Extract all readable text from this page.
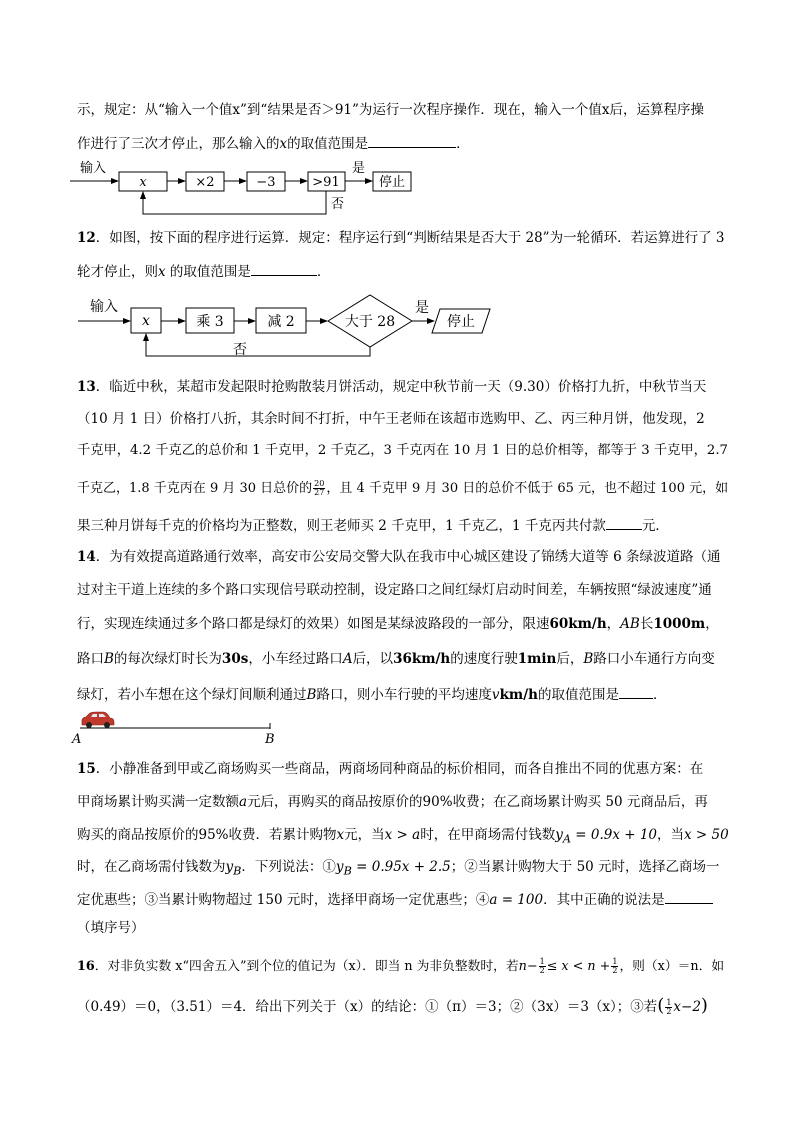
示，规定：从“输入一个值x”到“结果是否＞91”为运行一次程序操作．现在，输入一个值x后，运算程序操
作进行了三次才停止，那么输入的x的取值范围是	．
输入
x	×2	−3	>91
是
停止
否
12．如图，按下面的程序进行运算．规定：程序运行到“判断结果是否大于 28”为一轮循环．若运算进行了 3
轮才停止，则x 的取值范围是	．
输入
x	乘 3	减 2	大于 28
是
停止
否
13．临近中秋，某超市发起限时抢购散装月饼活动，规定中秋节前一天（9.30）价格打九折，中秋节当天
（10 月 1 日）价格打八折，其余时间不打折，中午王老师在该超市选购甲、乙、丙三种月饼，他发现，2
千克甲，4.2 千克乙的总价和 1 千克甲，2 千克乙，3 千克丙在 10 月 1 日的总价相等，都等于 3 千克甲，2.7
千克乙，1.8 千克丙在 9 月 30 日总价的 $\frac{20}{27}$ ，且 4 千克甲 9 月 30 日的总价不低于 65 元，也不超过 100 元，如
果三种月饼每千克的价格均为正整数，则王老师买 2 千克甲，1 千克乙，1 千克丙共付款	元．
14．为有效提高道路通行效率，高安市公安局交警大队在我市中心城区建设了锦绣大道等 6 条绿波道路（通
过对主干道上连续的多个路口实现信号联动控制，设定路口之间红绿灯启动时间差，车辆按照“绿波速度”通
行，实现连续通过多个路口都是绿灯的效果）如图是某绿波路段的一部分，限速60km/h，AB长1000m，
路口B的每次绿灯时长为30s，小车经过路口A后，以36km/h的速度行驶1min后，B路口小车通行方向变
绿灯，若小车想在这个绿灯间顺利通过B路口，则小车行驶的平均速度vkm/h的取值范围是	．
A	B
15．小静准备到甲或乙商场购买一些商品，两商场同种商品的标价相同，而各自推出不同的优惠方案：在
甲商场累计购买满一定数额a元后，再购买的商品按原价的90%收费；在乙商场累计购买 50 元商品后，再
购买的商品按原价的95%收费．若累计购物x元，当x > a时，在甲商场需付钱数$y_A = 0.9x + 10$，当x > 50
时，在乙商场需付钱数为$y_B$．下列说法：$①y_B = 0.95x + 2.5$；②当累计购物大于 50 元时，选择乙商场一
定优惠些；③当累计购物超过 150 元时，选择甲商场一定优惠些；④a = 100．其中正确的说法是
（填序号）
16．对非负实数 x“四舍五入”到个位的值记为（x）．即当 n 为非负整数时，若$n- \frac{1}{2} \le x < n + \frac{1}{2}$ ，则（x）＝n．如
（0.49）＝0，（3.51）＝4．给出下列关于（x）的结论：①（π）＝3；②（3x）＝3（x）；③若( $\frac{1}{2} x-2$)
